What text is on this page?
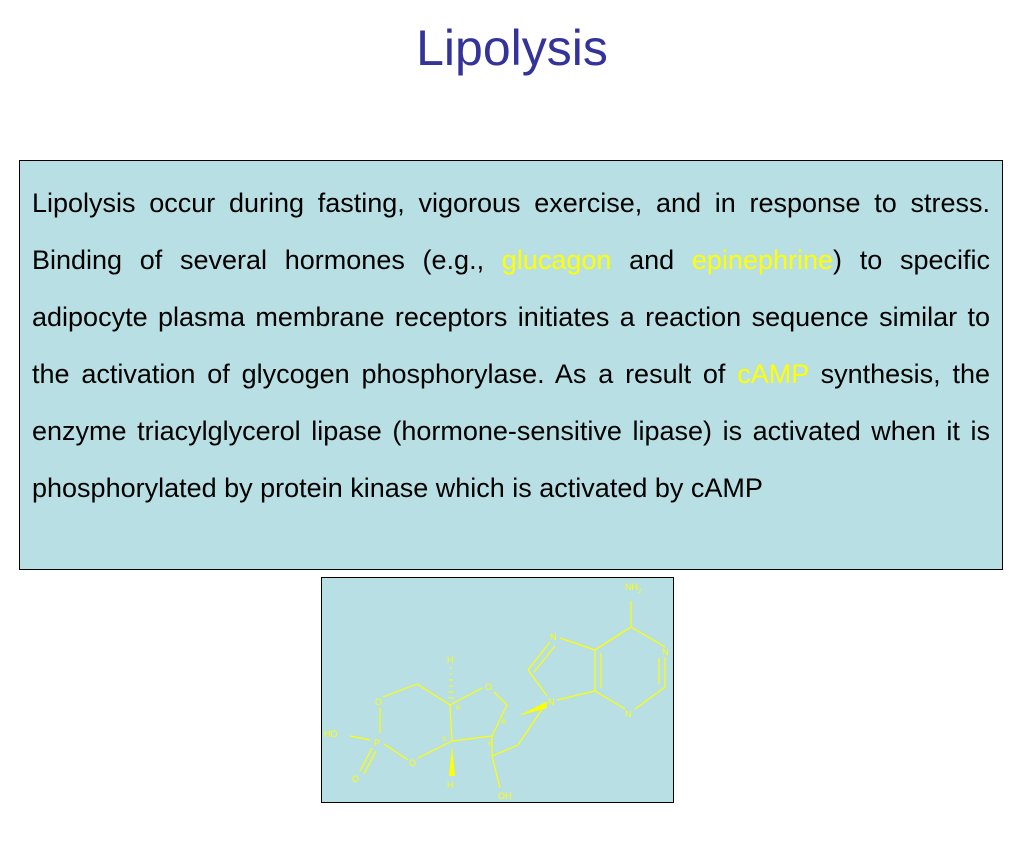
Lipolysis

Lipolysis occur during fasting, vigorous exercise, and in response to stress. Binding of several hormones (e.g., glucagon and epinephrine) to specific adipocyte plasma membrane receptors initiates a reaction sequence similar to the activation of glycogen phosphorylase. As a result of cAMP synthesis, the enzyme triacylglycerol lipase (hormone-sensitive lipase) is activated when it is phosphorylated by protein kinase which is activated by cAMP

R
R
S
S
$NH_2$
N
N
N
N
H
H
O
O
O
O
P
HO
OH
